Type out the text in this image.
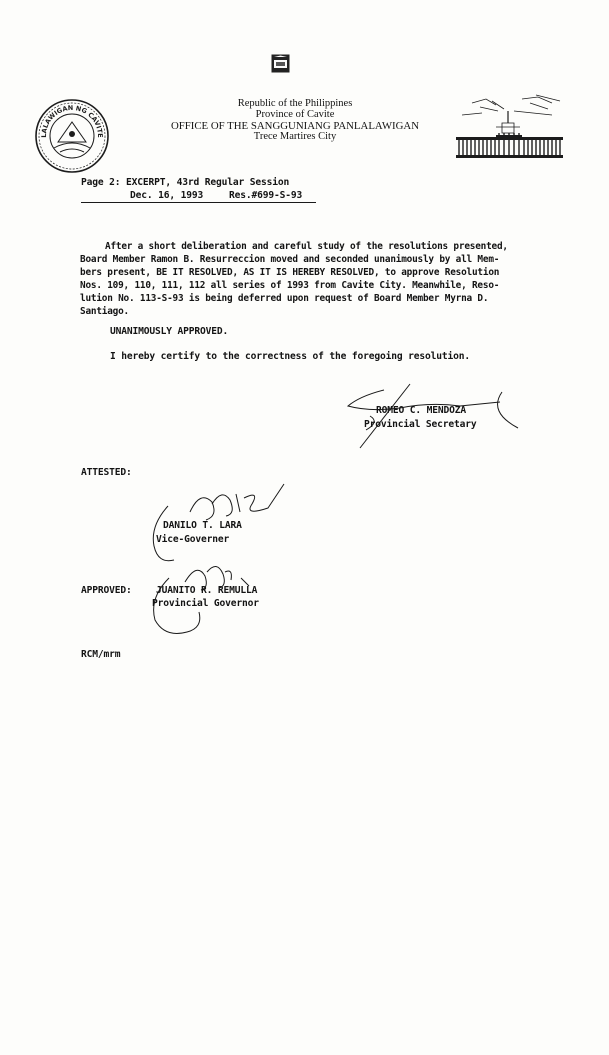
LALAWIGAN NG CAVITE
Republic of the Philippines
Province of Cavite
OFFICE OF THE SANGGUNIANG PANLALAWIGAN
Trece Martires City
Page 2: EXCERPT, 43rd Regular Session
Dec. 16, 1993	Res.#699-S-93
After a short deliberation and careful study of the resolutions presented,
Board Member Ramon B. Resurreccion moved and seconded unanimously by all Mem-
bers present, BE IT RESOLVED, AS IT IS HEREBY RESOLVED, to approve Resolution
Nos. 109, 110, 111, 112 all series of 1993 from Cavite City. Meanwhile, Reso-
lution No. 113-S-93 is being deferred upon request of Board Member Myrna D.
Santiago.
UNANIMOUSLY APPROVED.
I hereby certify to the correctness of the foregoing resolution.
ROMEO C. MENDOZA
Provincial Secretary
ATTESTED:
DANILO T. LARA
Vice-Governer
APPROVED:	JUANITO R. REMULLA
Provincial Governor
RCM/mrm
